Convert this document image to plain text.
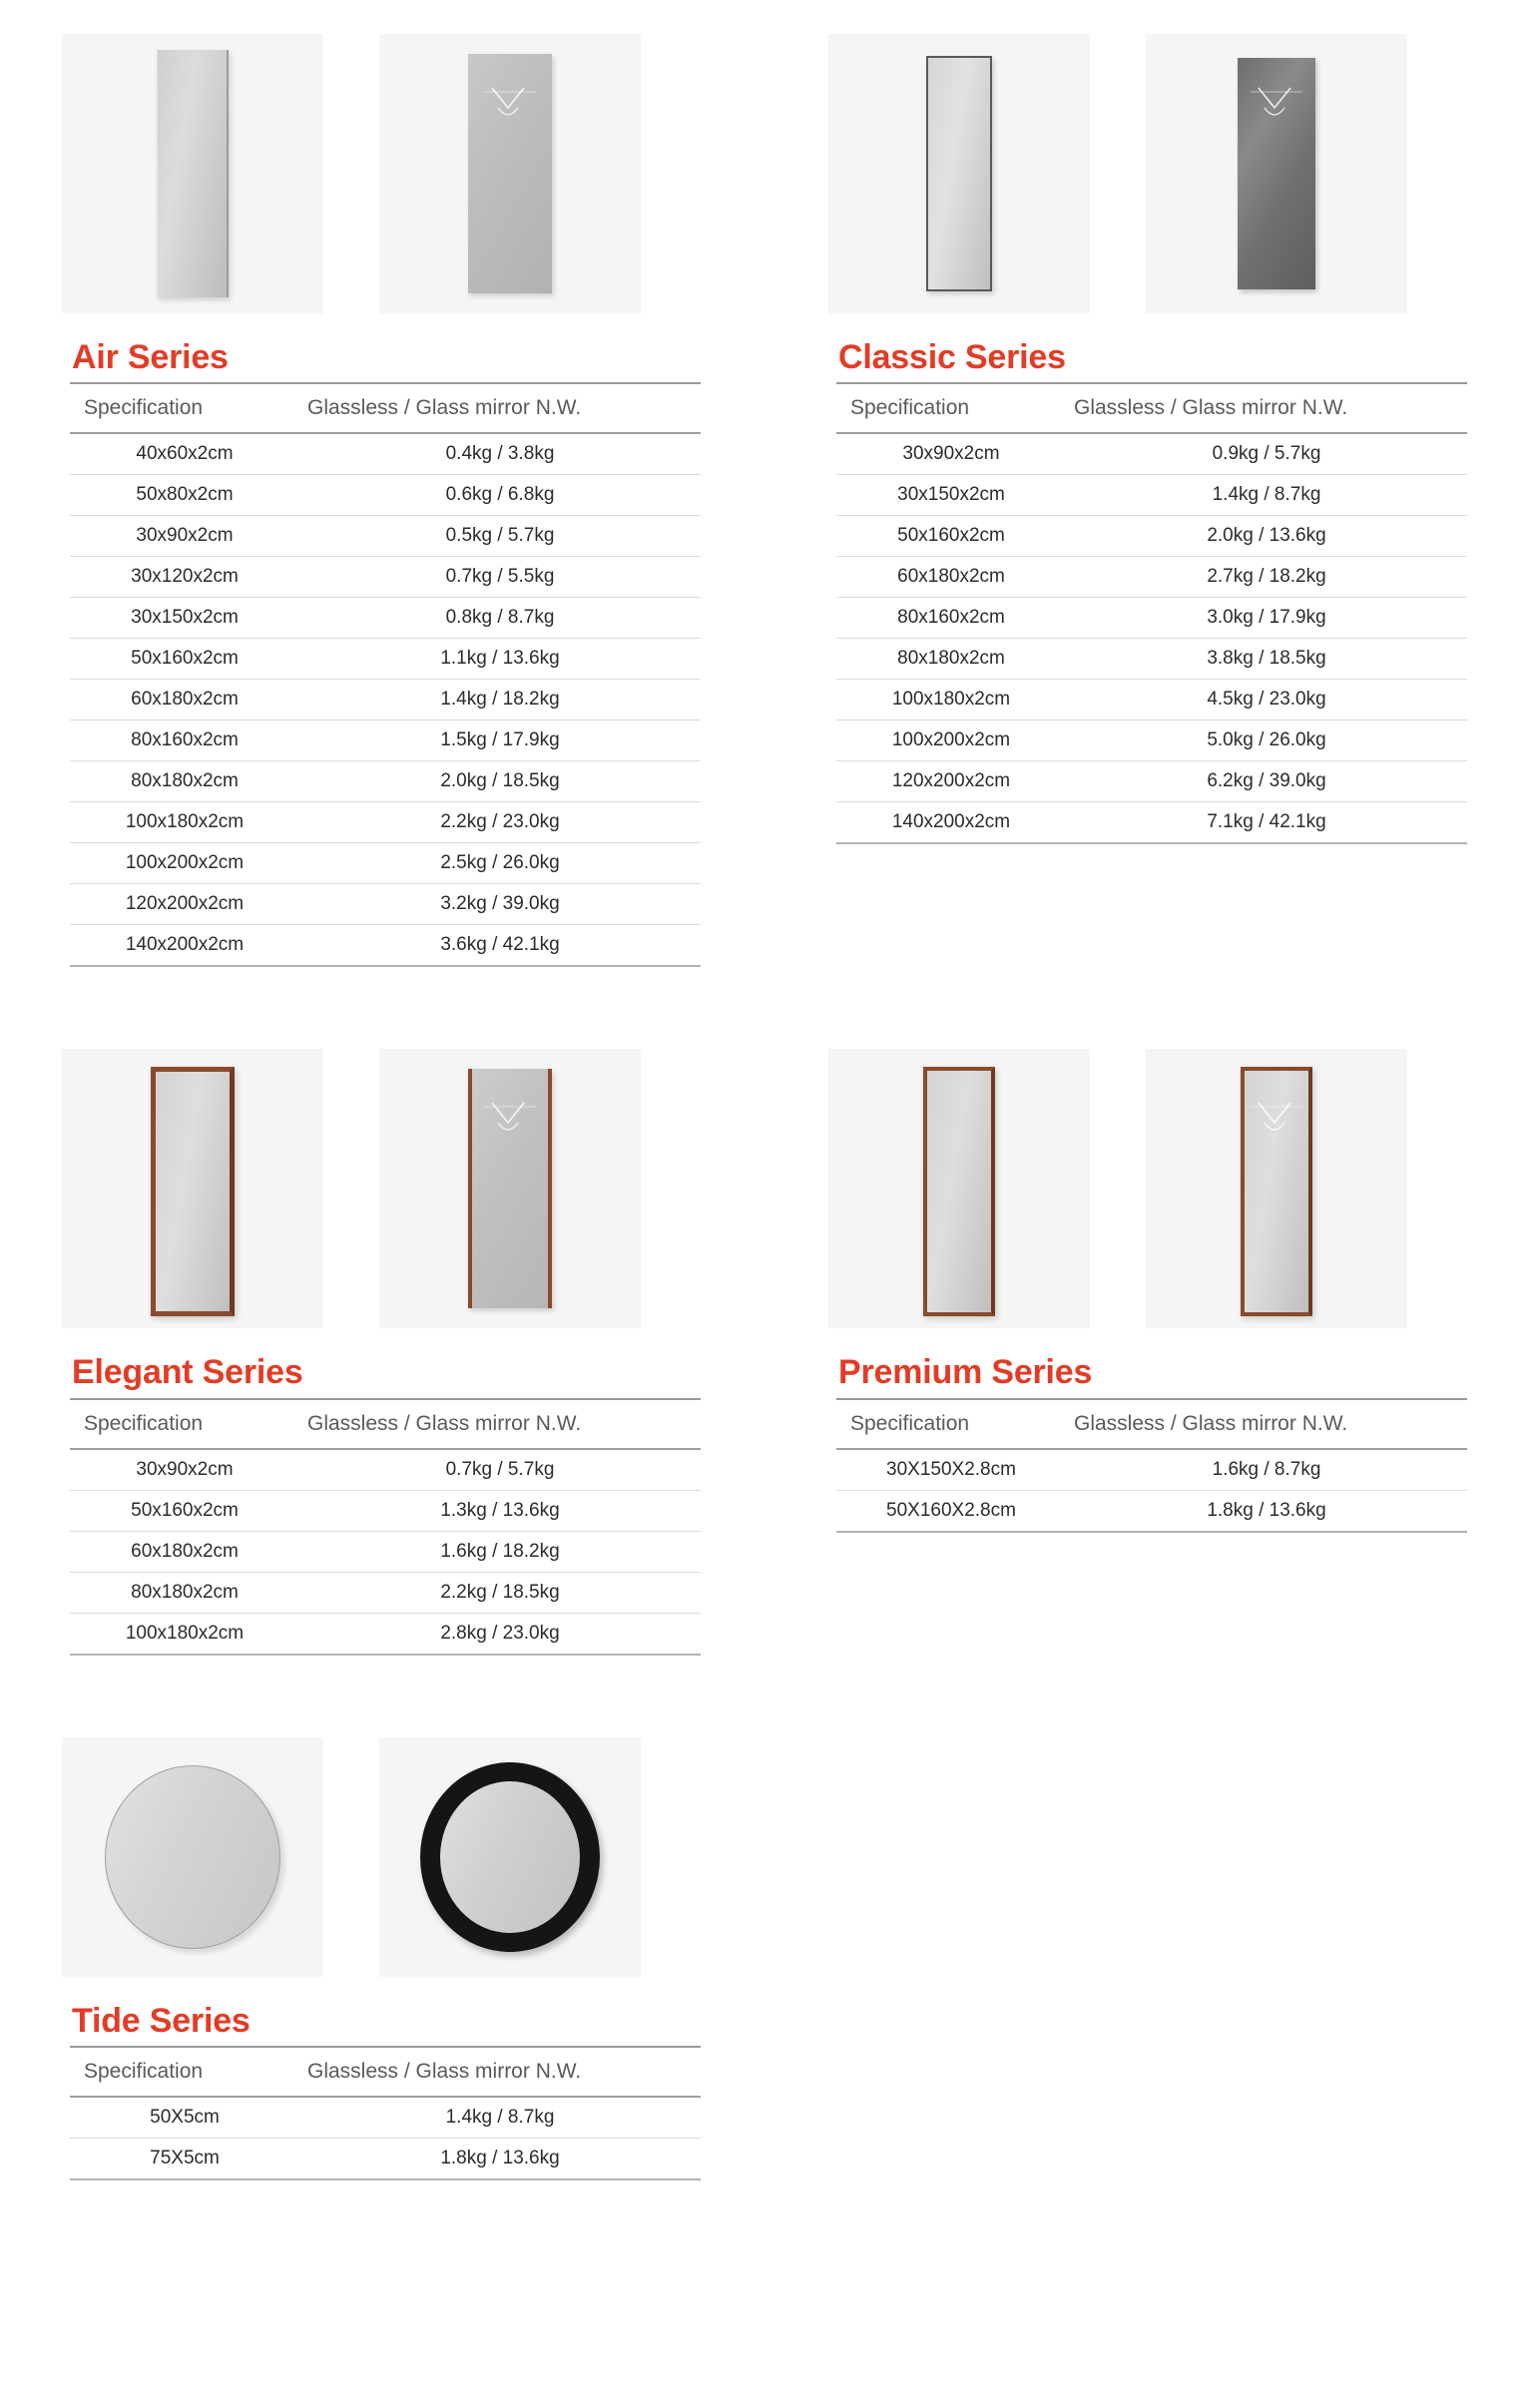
Air Series
Specification	Glassless / Glass mirror N.W.
40x60x2cm	0.4kg / 3.8kg
50x80x2cm	0.6kg / 6.8kg
30x90x2cm	0.5kg / 5.7kg
30x120x2cm	0.7kg / 5.5kg
30x150x2cm	0.8kg / 8.7kg
50x160x2cm	1.1kg / 13.6kg
60x180x2cm	1.4kg / 18.2kg
80x160x2cm	1.5kg / 17.9kg
80x180x2cm	2.0kg / 18.5kg
100x180x2cm	2.2kg / 23.0kg
100x200x2cm	2.5kg / 26.0kg
120x200x2cm	3.2kg / 39.0kg
140x200x2cm	3.6kg / 42.1kg
Classic Series
Specification	Glassless / Glass mirror N.W.
30x90x2cm	0.9kg / 5.7kg
30x150x2cm	1.4kg / 8.7kg
50x160x2cm	2.0kg / 13.6kg
60x180x2cm	2.7kg / 18.2kg
80x160x2cm	3.0kg / 17.9kg
80x180x2cm	3.8kg / 18.5kg
100x180x2cm	4.5kg / 23.0kg
100x200x2cm	5.0kg / 26.0kg
120x200x2cm	6.2kg / 39.0kg
140x200x2cm	7.1kg / 42.1kg
Elegant Series
Specification	Glassless / Glass mirror N.W.
30x90x2cm	0.7kg / 5.7kg
50x160x2cm	1.3kg / 13.6kg
60x180x2cm	1.6kg / 18.2kg
80x180x2cm	2.2kg / 18.5kg
100x180x2cm	2.8kg / 23.0kg
Premium Series
Specification	Glassless / Glass mirror N.W.
30X150X2.8cm	1.6kg / 8.7kg
50X160X2.8cm	1.8kg / 13.6kg
Tide Series
Specification	Glassless / Glass mirror N.W.
50X5cm	1.4kg / 8.7kg
75X5cm	1.8kg / 13.6kg
